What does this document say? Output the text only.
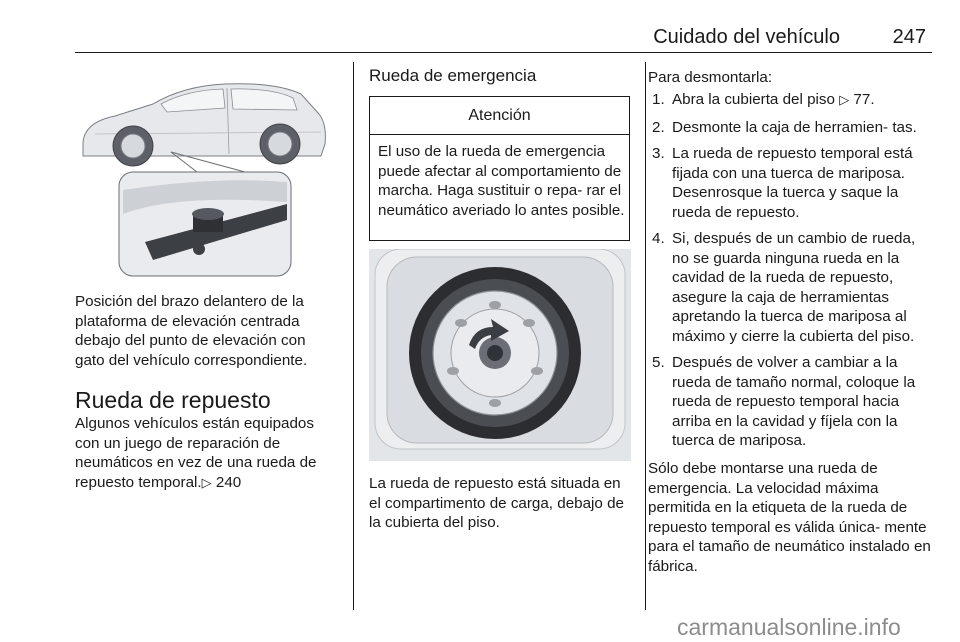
Cuidado del vehículo	247

Posición del brazo delantero de la plataforma de elevación centrada debajo del punto de elevación con gato del vehículo correspondiente.

Rueda de repuesto

Algunos vehículos están equipados con un juego de reparación de neumáticos en vez de una rueda de repuesto temporal.▷ 240

Rueda de emergencia
Atención

El uso de la rueda de emergencia puede afectar al comportamiento de marcha. Haga sustituir o repa- rar el neumático averiado lo antes posible.

La rueda de repuesto está situada en el compartimento de carga, debajo de la cubierta del piso.

Para desmontarla:

1. Abra la cubierta del piso ▷ 77.
2. Desmonte la caja de herramien- tas.
3. La rueda de repuesto temporal está fijada con una tuerca de mariposa. Desenrosque la tuerca y saque la rueda de repuesto.
4. Si, después de un cambio de rueda, no se guarda ninguna rueda en la cavidad de la rueda de repuesto, asegure la caja de herramientas apretando la tuerca de mariposa al máximo y cierre la cubierta del piso.
5. Después de volver a cambiar a la rueda de tamaño normal, coloque la rueda de repuesto temporal hacia arriba en la cavidad y fíjela con la tuerca de mariposa.

Sólo debe montarse una rueda de emergencia. La velocidad máxima permitida en la etiqueta de la rueda de repuesto temporal es válida única- mente para el tamaño de neumático instalado en fábrica.

carmanualsonline.info
